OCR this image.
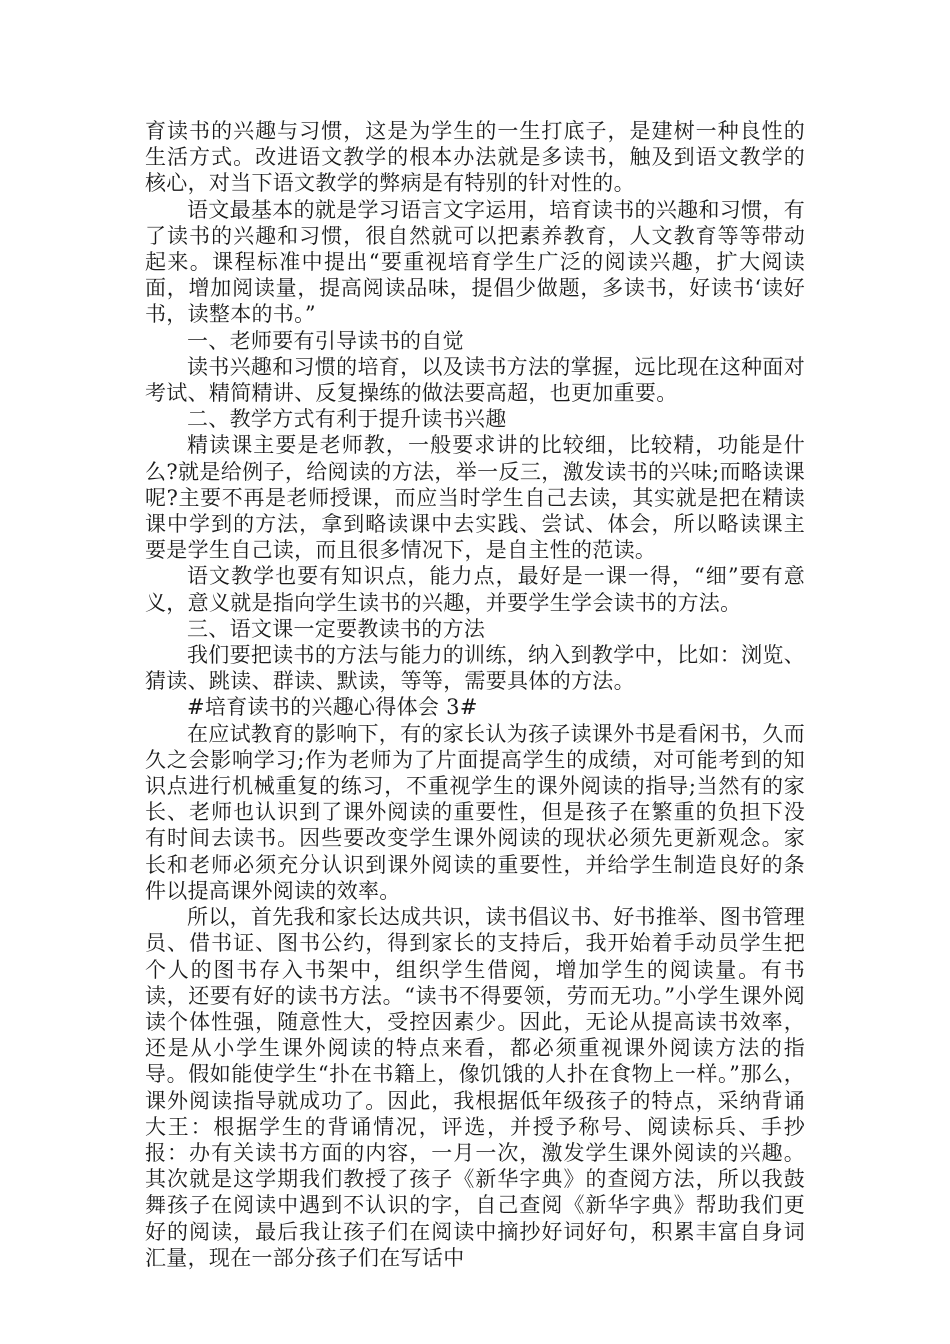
育读书的兴趣与习惯，这是为学生的一生打底子，是建树一种良性的生活方式。改进语文教学的根本办法就是多读书，触及到语文教学的核心，对当下语文教学的弊病是有特别的针对性的。

语文最基本的就是学习语言文字运用，培育读书的兴趣和习惯，有了读书的兴趣和习惯，很自然就可以把素养教育，人文教育等等带动起来。课程标准中提出“要重视培育学生广泛的阅读兴趣，扩大阅读面，增加阅读量，提高阅读品味，提倡少做题，多读书，好读书‘读好书，读整本的书。”

一、老师要有引导读书的自觉

读书兴趣和习惯的培育，以及读书方法的掌握，远比现在这种面对考试、精简精讲、反复操练的做法要高超，也更加重要。

二、教学方式有利于提升读书兴趣

精读课主要是老师教，一般要求讲的比较细，比较精，功能是什么?就是给例子，给阅读的方法，举一反三，激发读书的兴味;而略读课呢?主要不再是老师授课，而应当时学生自己去读，其实就是把在精读课中学到的方法，拿到略读课中去实践、尝试、体会，所以略读课主要是学生自己读，而且很多情况下，是自主性的范读。

语文教学也要有知识点，能力点，最好是一课一得，“细”要有意义，意义就是指向学生读书的兴趣，并要学生学会读书的方法。

三、语文课一定要教读书的方法

我们要把读书的方法与能力的训练，纳入到教学中，比如：浏览、猜读、跳读、群读、默读，等等，需要具体的方法。

#培育读书的兴趣心得体会 3#

在应试教育的影响下，有的家长认为孩子读课外书是看闲书，久而久之会影响学习;作为老师为了片面提高学生的成绩，对可能考到的知识点进行机械重复的练习，不重视学生的课外阅读的指导;当然有的家长、老师也认识到了课外阅读的重要性，但是孩子在繁重的负担下没有时间去读书。因些要改变学生课外阅读的现状必须先更新观念。家长和老师必须充分认识到课外阅读的重要性，并给学生制造良好的条件以提高课外阅读的效率。

所以，首先我和家长达成共识，读书倡议书、好书推举、图书管理员、借书证、图书公约，得到家长的支持后，我开始着手动员学生把个人的图书存入书架中，组织学生借阅，增加学生的阅读量。有书读，还要有好的读书方法。“读书不得要领，劳而无功。”小学生课外阅读个体性强，随意性大，受控因素少。因此，无论从提高读书效率，还是从小学生课外阅读的特点来看，都必须重视课外阅读方法的指导。假如能使学生“扑在书籍上，像饥饿的人扑在食物上一样。”那么，课外阅读指导就成功了。因此，我根据低年级孩子的特点，采纳背诵大王：根据学生的背诵情况，评选，并授予称号、阅读标兵、手抄报：办有关读书方面的内容，一月一次，激发学生课外阅读的兴趣。其次就是这学期我们教授了孩子《新华字典》的查阅方法，所以我鼓舞孩子在阅读中遇到不认识的字，自己查阅《新华字典》帮助我们更好的阅读，最后我让孩子们在阅读中摘抄好词好句，积累丰富自身词汇量，现在一部分孩子们在写话中
